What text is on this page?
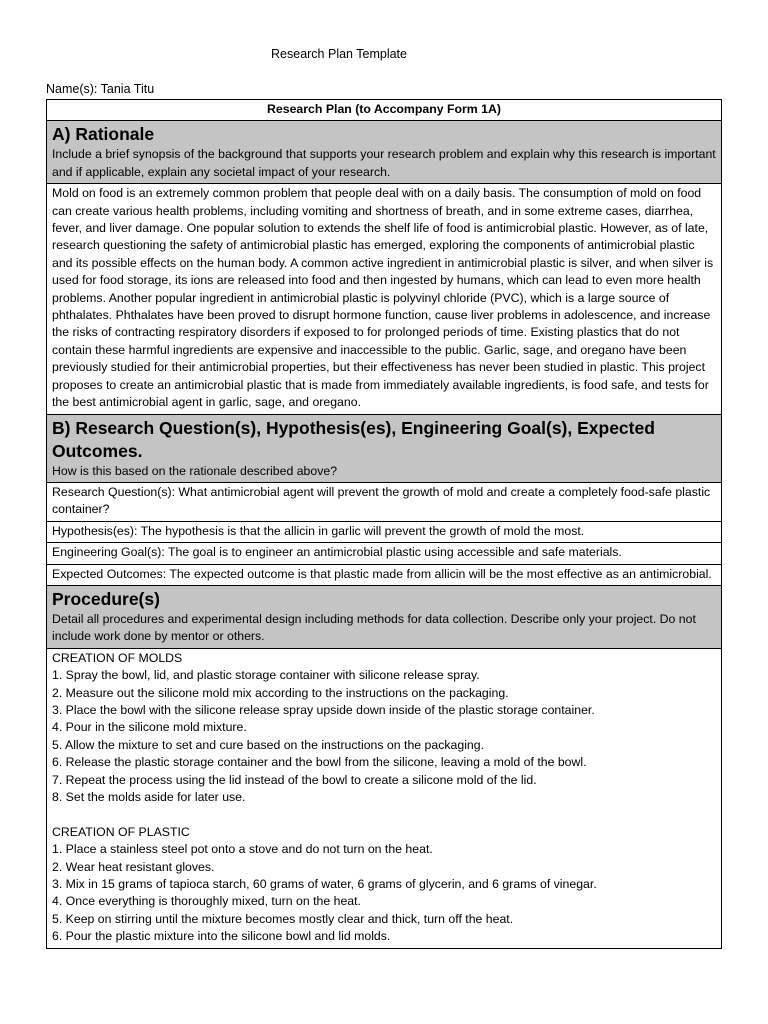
Research Plan Template
Name(s): Tania Titu
Research Plan (to Accompany Form 1A)

A) Rationale
Include a brief synopsis of the background that supports your research problem and explain why this research is important and if applicable, explain any societal impact of your research.

Mold on food is an extremely common problem that people deal with on a daily basis. The consumption of mold on food can create various health problems, including vomiting and shortness of breath, and in some extreme cases, diarrhea, fever, and liver damage. One popular solution to extends the shelf life of food is antimicrobial plastic. However, as of late, research questioning the safety of antimicrobial plastic has emerged, exploring the components of antimicrobial plastic and its possible effects on the human body. A common active ingredient in antimicrobial plastic is silver, and when silver is used for food storage, its ions are released into food and then ingested by humans, which can lead to even more health problems. Another popular ingredient in antimicrobial plastic is polyvinyl chloride (PVC), which is a large source of phthalates. Phthalates have been proved to disrupt hormone function, cause liver problems in adolescence, and increase the risks of contracting respiratory disorders if exposed to for prolonged periods of time. Existing plastics that do not contain these harmful ingredients are expensive and inaccessible to the public. Garlic, sage, and oregano have been previously studied for their antimicrobial properties, but their effectiveness has never been studied in plastic. This project proposes to create an antimicrobial plastic that is made from immediately available ingredients, is food safe, and tests for the best antimicrobial agent in garlic, sage, and oregano.

B) Research Question(s), Hypothesis(es), Engineering Goal(s), Expected Outcomes.
How is this based on the rationale described above?

Research Question(s): What antimicrobial agent will prevent the growth of mold and create a completely food-safe plastic container?
Hypothesis(es): The hypothesis is that the allicin in garlic will prevent the growth of mold the most.
Engineering Goal(s): The goal is to engineer an antimicrobial plastic using accessible and safe materials.
Expected Outcomes: The expected outcome is that plastic made from allicin will be the most effective as an antimicrobial.

Procedure(s)
Detail all procedures and experimental design including methods for data collection. Describe only your project. Do not include work done by mentor or others.

CREATION OF MOLDS
1. Spray the bowl, lid, and plastic storage container with silicone release spray.
2. Measure out the silicone mold mix according to the instructions on the packaging.
3. Place the bowl with the silicone release spray upside down inside of the plastic storage container.
4. Pour in the silicone mold mixture.
5. Allow the mixture to set and cure based on the instructions on the packaging.
6. Release the plastic storage container and the bowl from the silicone, leaving a mold of the bowl.
7. Repeat the process using the lid instead of the bowl to create a silicone mold of the lid.
8. Set the molds aside for later use.
CREATION OF PLASTIC
1. Place a stainless steel pot onto a stove and do not turn on the heat.
2. Wear heat resistant gloves.
3. Mix in 15 grams of tapioca starch, 60 grams of water, 6 grams of glycerin, and 6 grams of vinegar.
4. Once everything is thoroughly mixed, turn on the heat.
5. Keep on stirring until the mixture becomes mostly clear and thick, turn off the heat.
6. Pour the plastic mixture into the silicone bowl and lid molds.
